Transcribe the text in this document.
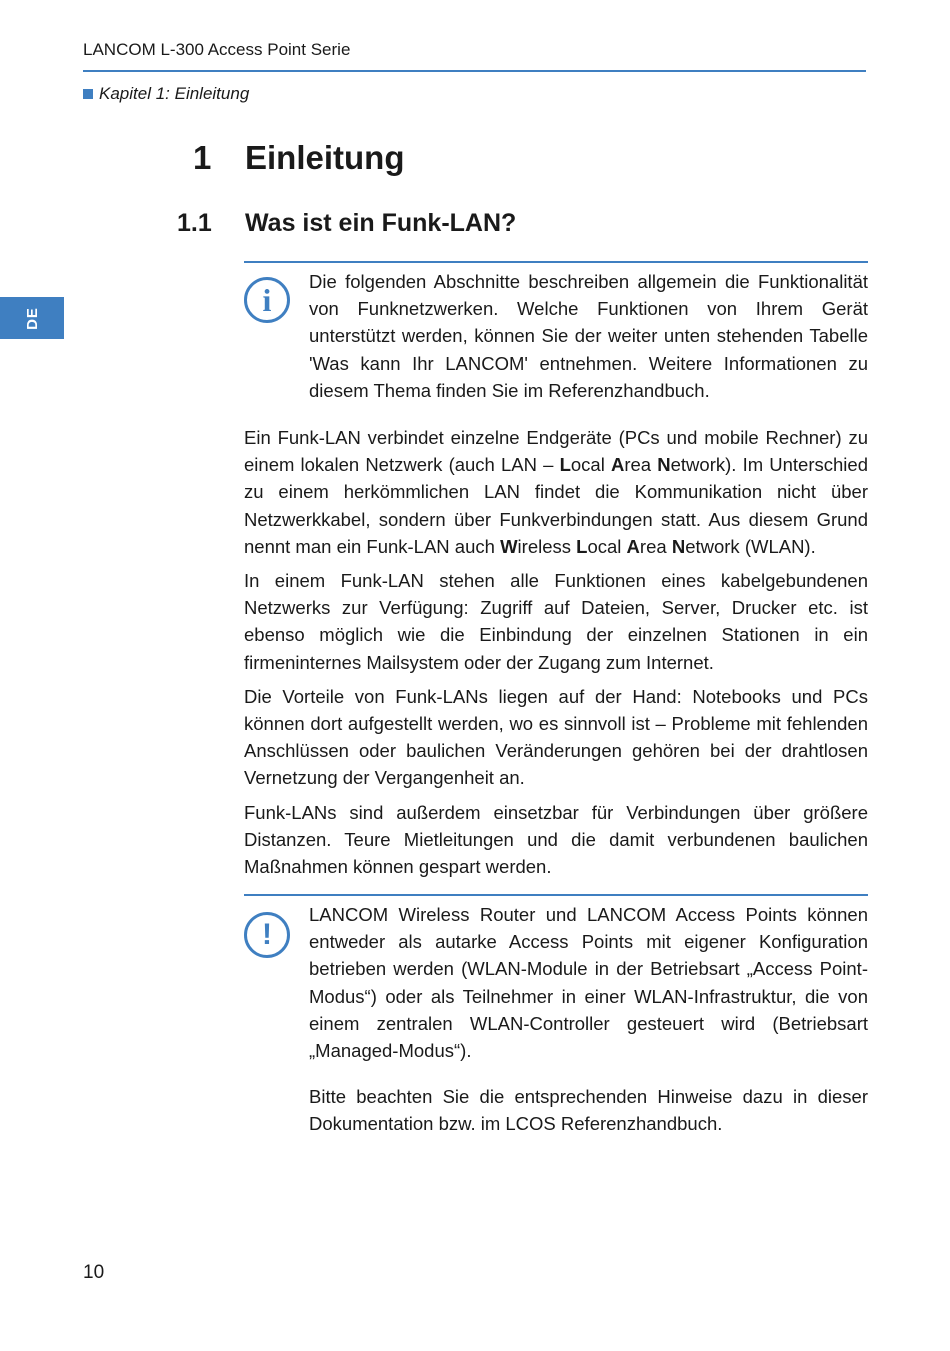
LANCOM L-300 Access Point Serie
Kapitel 1: Einleitung
DE
1	Einleitung
1.1	Was ist ein Funk-LAN?
i	Die folgenden Abschnitte beschreiben allgemein die Funktionalität von Funknetzwerken. Welche Funktionen von Ihrem Gerät unterstützt werden, können Sie der weiter unten stehenden Tabelle 'Was kann Ihr LANCOM' entnehmen. Weitere Informationen zu diesem Thema finden Sie im Referenzhandbuch.

Ein Funk-LAN verbindet einzelne Endgeräte (PCs und mobile Rechner) zu einem lokalen Netzwerk (auch LAN – Local Area Network). Im Unterschied zu einem herkömmlichen LAN findet die Kommunikation nicht über Netzwerkkabel, sondern über Funkverbindungen statt. Aus diesem Grund nennt man ein Funk-LAN auch Wireless Local Area Network (WLAN).

In einem Funk-LAN stehen alle Funktionen eines kabelgebundenen Netzwerks zur Verfügung: Zugriff auf Dateien, Server, Drucker etc. ist ebenso möglich wie die Einbindung der einzelnen Stationen in ein firmeninternes Mailsystem oder der Zugang zum Internet.

Die Vorteile von Funk-LANs liegen auf der Hand: Notebooks und PCs können dort aufgestellt werden, wo es sinnvoll ist – Probleme mit fehlenden Anschlüssen oder baulichen Veränderungen gehören bei der drahtlosen Vernetzung der Vergangenheit an.

Funk-LANs sind außerdem einsetzbar für Verbindungen über größere Distanzen. Teure Mietleitungen und die damit verbundenen baulichen Maßnahmen können gespart werden.

!

LANCOM Wireless Router und LANCOM Access Points können entweder als autarke Access Points mit eigener Konfiguration betrieben werden (WLAN-Module in der Betriebsart „Access Point-Modus“) oder als Teilnehmer in einer WLAN-Infrastruktur, die von einem zentralen WLAN-Controller gesteuert wird (Betriebsart „Managed-Modus“).

Bitte beachten Sie die entsprechenden Hinweise dazu in dieser Dokumentation bzw. im LCOS Referenzhandbuch.

10
